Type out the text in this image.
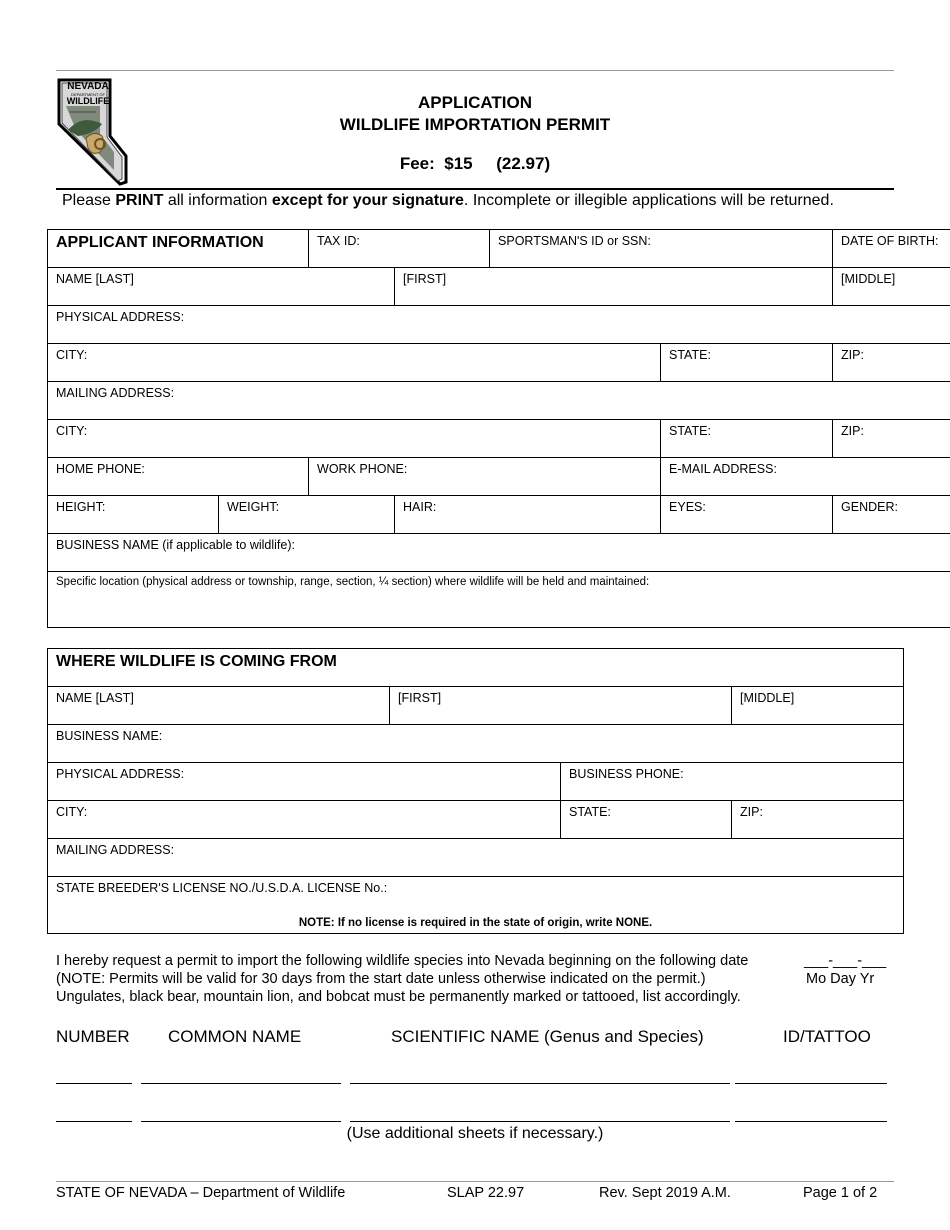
NEVADA
DEPARTMENT OF
WILDLIFE	APPLICATION
WILDLIFE IMPORTATION PERMIT
Fee: $15 (22.97)
Please PRINT all information except for your signature. Incomplete or illegible applications will be returned.
APPLICANT INFORMATION		TAX ID:		SPORTSMAN'S ID or SSN:		DATE OF BIRTH:
NAME [LAST]			[FIRST]			[MIDDLE]
PHYSICAL ADDRESS:						
CITY:					STATE:	ZIP:
MAILING ADDRESS:						
CITY:					STATE:	ZIP:
HOME PHONE:		WORK PHONE:			E-MAIL ADDRESS:	
HEIGHT:	WEIGHT:		HAIR:		EYES:	GENDER:
BUSINESS NAME (if applicable to wildlife):						
Specific location (physical address or township, range, section, ¼ section) where wildlife will be held and maintained:						
WHERE WILDLIFE IS COMING FROM			
NAME [LAST]	[FIRST]		[MIDDLE]
BUSINESS NAME:			
PHYSICAL ADDRESS:		BUSINESS PHONE:	
CITY:		STATE:	ZIP:
MAILING ADDRESS:			

STATE BREEDER'S LICENSE NO./U.S.D.A. LICENSE No.:
NOTE: If no license is required in the state of origin, write NONE.			
I hereby request a permit to import the following wildlife species into Nevada beginning on the following date	___-___-___
(NOTE: Permits will be valid for 30 days from the start date unless otherwise indicated on the permit.)	Mo Day Yr
Ungulates, black bear, mountain lion, and bobcat must be permanently marked or tattooed, list accordingly.
NUMBER COMMON NAME	SCIENTIFIC NAME (Genus and Species)	ID/TATTOO
(Use additional sheets if necessary.)
STATE OF NEVADA – Department of Wildlife	SLAP 22.97	Rev. Sept 2019 A.M.	Page 1 of 2
